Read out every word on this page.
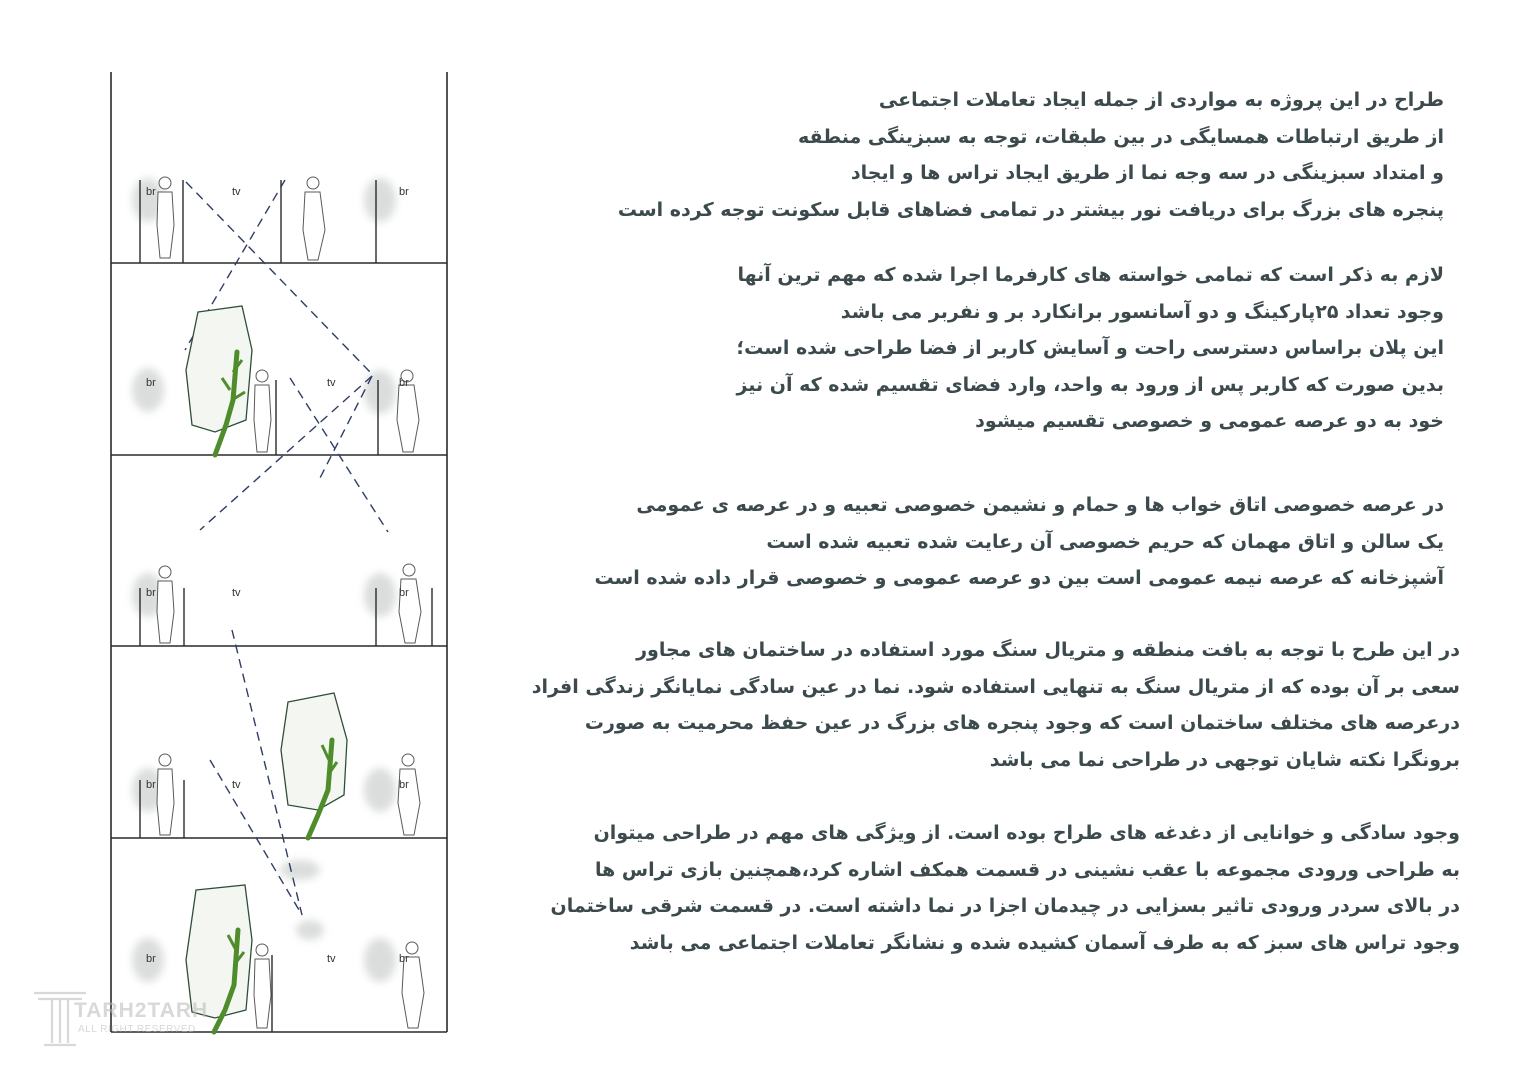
br	tv	br
br	tv	br
br	tv	br
br	tv	br
br	tv	br
TARH2TARH
ALL RIGHT RESERVED
طراح در این پروژه به مواردی از جمله ایجاد تعاملات اجتماعی
از طریق ارتباطات همسایگی در بین طبقات، توجه به سبزینگی منطقه
و امتداد سبزینگی در سه وجه نما از طریق ایجاد تراس ها و ایجاد
پنجره های بزرگ برای دریافت نور بیشتر در تمامی فضاهای قابل سکونت توجه کرده است
لازم به ذکر است که تمامی خواسته های کارفرما اجرا شده که مهم ترین آنها
وجود تعداد ۲۵پارکینگ و دو آسانسور برانکارد بر و نفربر می باشد
این پلان براساس دسترسی راحت و آسایش کاربر از فضا طراحی شده است؛
بدین صورت که کاربر پس از ورود به واحد، وارد فضای تقسیم شده که آن نیز
خود به دو عرصه عمومی و خصوصی تقسیم میشود
در عرصه خصوصی اتاق خواب ها و حمام و نشیمن خصوصی تعبیه و در عرصه ی عمومی
یک سالن و اتاق مهمان که حریم خصوصی آن رعایت شده تعبیه شده است
آشپزخانه که عرصه نیمه عمومی است بین دو عرصه عمومی و خصوصی قرار داده شده است
در این طرح با توجه به بافت منطقه و متریال سنگ مورد استفاده در ساختمان های مجاور
سعی بر آن بوده که از متریال سنگ به تنهایی استفاده شود. نما در عین سادگی نمایانگر زندگی افراد
درعرصه های مختلف ساختمان است که وجود پنجره های بزرگ در عین حفظ محرمیت به صورت
برونگرا نکته شایان توجهی در طراحی نما می باشد
وجود سادگی و خوانایی از دغدغه های طراح بوده است. از ویژگی های مهم در طراحی میتوان
به طراحی ورودی مجموعه با عقب نشینی در قسمت همکف اشاره کرد،همچنین بازی تراس ها
در بالای سردر ورودی تاثیر بسزایی در چیدمان اجزا در نما داشته است. در قسمت شرقی ساختمان
وجود تراس های سبز که به طرف آسمان کشیده شده و نشانگر تعاملات اجتماعی می باشد
